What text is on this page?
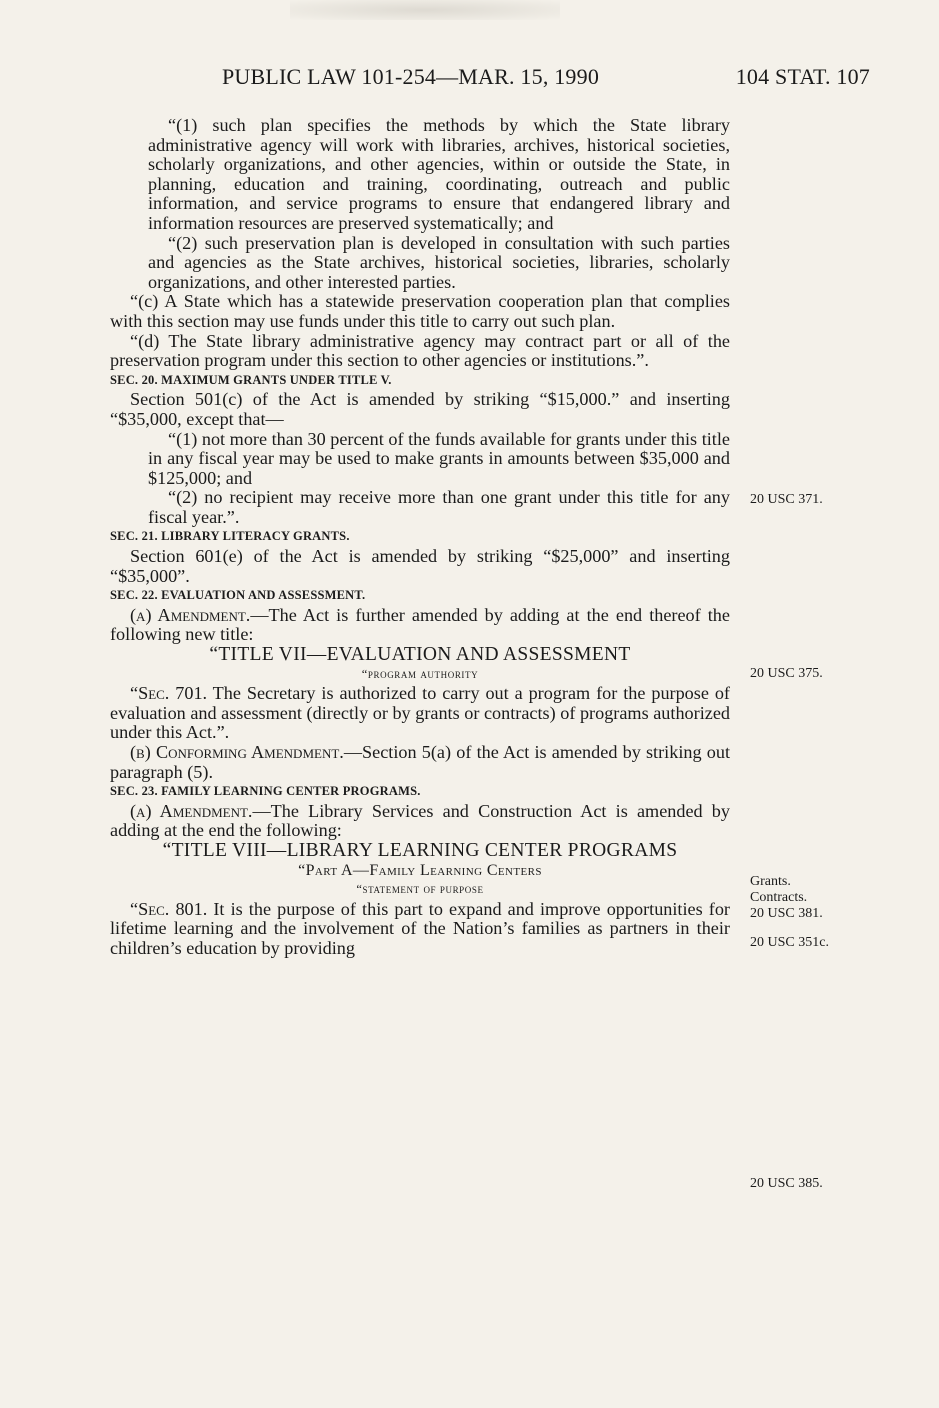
PUBLIC LAW 101-254—MAR. 15, 1990	104 STAT. 107

“(1) such plan specifies the methods by which the State library administrative agency will work with libraries, archives, historical societies, scholarly organizations, and other agencies, within or outside the State, in planning, education and training, coordinating, outreach and public information, and service programs to ensure that endangered library and information resources are preserved systematically; and

“(2) such preservation plan is developed in consultation with such parties and agencies as the State archives, historical societies, libraries, scholarly organizations, and other interested parties.

“(c) A State which has a statewide preservation cooperation plan that complies with this section may use funds under this title to carry out such plan.

“(d) The State library administrative agency may contract part or all of the preservation program under this section to other agencies or institutions.”.

SEC. 20. MAXIMUM GRANTS UNDER TITLE V.

Section 501(c) of the Act is amended by striking “$15,000.” and inserting “$35,000, except that—

“(1) not more than 30 percent of the funds available for grants under this title in any fiscal year may be used to make grants in amounts between $35,000 and $125,000; and

“(2) no recipient may receive more than one grant under this title for any fiscal year.”.

SEC. 21. LIBRARY LITERACY GRANTS.

Section 601(e) of the Act is amended by striking “$25,000” and inserting “$35,000”.

SEC. 22. EVALUATION AND ASSESSMENT.

(a) Amendment.—The Act is further amended by adding at the end thereof the following new title:

“TITLE VII—EVALUATION AND ASSESSMENT

“program authority

“Sec. 701. The Secretary is authorized to carry out a program for the purpose of evaluation and assessment (directly or by grants or contracts) of programs authorized under this Act.”.

(b) Conforming Amendment.—Section 5(a) of the Act is amended by striking out paragraph (5).

SEC. 23. FAMILY LEARNING CENTER PROGRAMS.

(a) Amendment.—The Library Services and Construction Act is amended by adding at the end the following:

“TITLE VIII—LIBRARY LEARNING CENTER PROGRAMS

“Part A—Family Learning Centers

“statement of purpose

“Sec. 801. It is the purpose of this part to expand and improve opportunities for lifetime learning and the involvement of the Nation’s families as partners in their children’s education by providing

20 USC 371.
20 USC 375.
Grants.
Contracts.
20 USC 381.
20 USC 351c.
20 USC 385.
